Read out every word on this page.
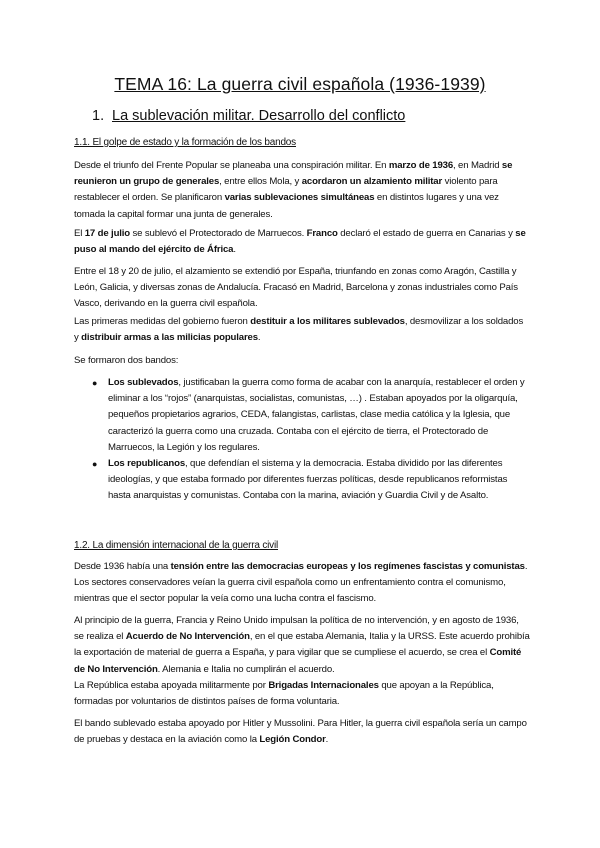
TEMA 16: La guerra civil española (1936-1939)
1. La sublevación militar. Desarrollo del conflicto
1.1. El golpe de estado y la formación de los bandos
Desde el triunfo del Frente Popular se planeaba una conspiración militar. En marzo de 1936, en Madrid se reunieron un grupo de generales, entre ellos Mola, y acordaron un alzamiento militar violento para restablecer el orden. Se planificaron varias sublevaciones simultáneas en distintos lugares y una vez tomada la capital formar una junta de generales.
El 17 de julio se sublevó el Protectorado de Marruecos. Franco declaró el estado de guerra en Canarias y se puso al mando del ejército de África.
Entre el 18 y 20 de julio, el alzamiento se extendió por España, triunfando en zonas como Aragón, Castilla y León, Galicia, y diversas zonas de Andalucía. Fracasó en Madrid, Barcelona y zonas industriales como País Vasco, derivando en la guerra civil española.
Las primeras medidas del gobierno fueron destituir a los militares sublevados, desmovilizar a los soldados y distribuir armas a las milicias populares.
Se formaron dos bandos:
● Los sublevados, justificaban la guerra como forma de acabar con la anarquía, restablecer el orden y eliminar a los “rojos” (anarquistas, socialistas, comunistas, …) . Estaban apoyados por la oligarquía, pequeños propietarios agrarios, CEDA, falangistas, carlistas, clase media católica y la Iglesia, que caracterizó la guerra como una cruzada. Contaba con el ejército de tierra, el Protectorado de Marruecos, la Legión y los regulares.
● Los republicanos, que defendían el sistema y la democracia. Estaba dividido por las diferentes ideologías, y que estaba formado por diferentes fuerzas políticas, desde republicanos reformistas hasta anarquistas y comunistas. Contaba con la marina, aviación y Guardia Civil y de Asalto.
1.2. La dimensión internacional de la guerra civil
Desde 1936 había una tensión entre las democracias europeas y los regímenes fascistas y comunistas. Los sectores conservadores veían la guerra civil española como un enfrentamiento contra el comunismo, mientras que el sector popular la veía como una lucha contra el fascismo.
Al principio de la guerra, Francia y Reino Unido impulsan la política de no intervención, y en agosto de 1936, se realiza el Acuerdo de No Intervención, en el que estaba Alemania, Italia y la URSS. Este acuerdo prohibía la exportación de material de guerra a España, y para vigilar que se cumpliese el acuerdo, se crea el Comité de No Intervención. Alemania e Italia no cumplirán el acuerdo.
La República estaba apoyada militarmente por Brigadas Internacionales que apoyan a la República, formadas por voluntarios de distintos países de forma voluntaria.
El bando sublevado estaba apoyado por Hitler y Mussolini. Para Hitler, la guerra civil española sería un campo de pruebas y destaca en la aviación como la Legión Condor.
